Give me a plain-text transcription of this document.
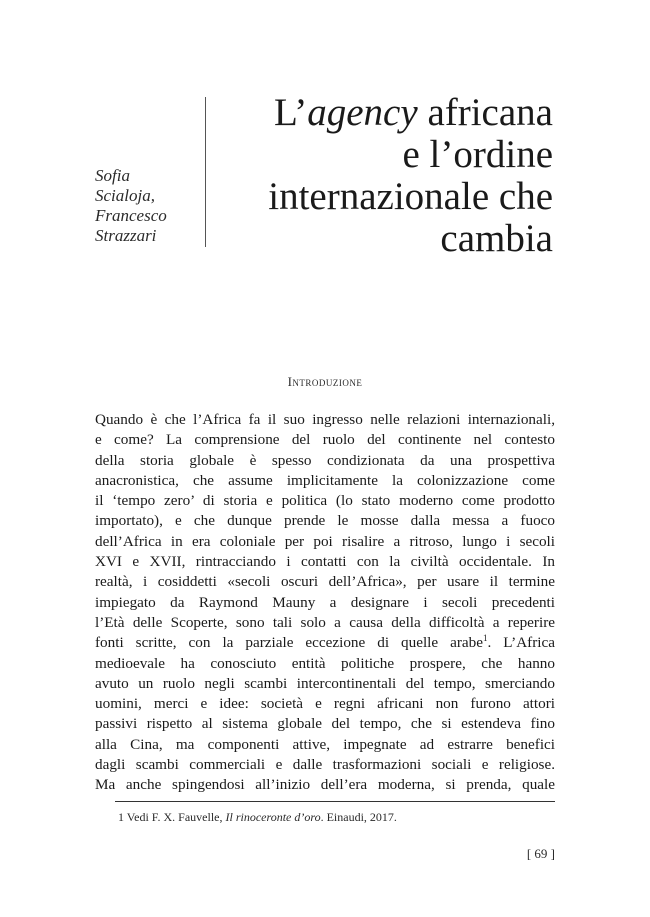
Sofia
Scialoja,
Francesco
Strazzari
L’agency africana
e l’ordine
internazionale che
cambia
Introduzione
Quando è che l’Africa fa il suo ingresso nelle relazioni internazionali,
e come? La comprensione del ruolo del continente nel contesto
della storia globale è spesso condizionata da una prospettiva
anacronistica, che assume implicitamente la colonizzazione come
il ‘tempo zero’ di storia e politica (lo stato moderno come prodotto
importato), e che dunque prende le mosse dalla messa a fuoco
dell’Africa in era coloniale per poi risalire a ritroso, lungo i secoli
XVI e XVII, rintracciando i contatti con la civiltà occidentale. In
realtà, i cosiddetti «secoli oscuri dell’Africa», per usare il termine
impiegato da Raymond Mauny a designare i secoli precedenti
l’Età delle Scoperte, sono tali solo a causa della difficoltà a reperire
fonti scritte, con la parziale eccezione di quelle arabe$^1$. L’Africa
medioevale ha conosciuto entità politiche prospere, che hanno
avuto un ruolo negli scambi intercontinentali del tempo, smerciando
uomini, merci e idee: società e regni africani non furono attori
passivi rispetto al sistema globale del tempo, che si estendeva fino
alla Cina, ma componenti attive, impegnate ad estrarre benefici
dagli scambi commerciali e dalle trasformazioni sociali e religiose.
Ma anche spingendosi all’inizio dell’era moderna, si prenda, quale
1 Vedi F. X. Fauvelle, Il rinoceronte d’oro. Einaudi, 2017.
[ 69 ]
